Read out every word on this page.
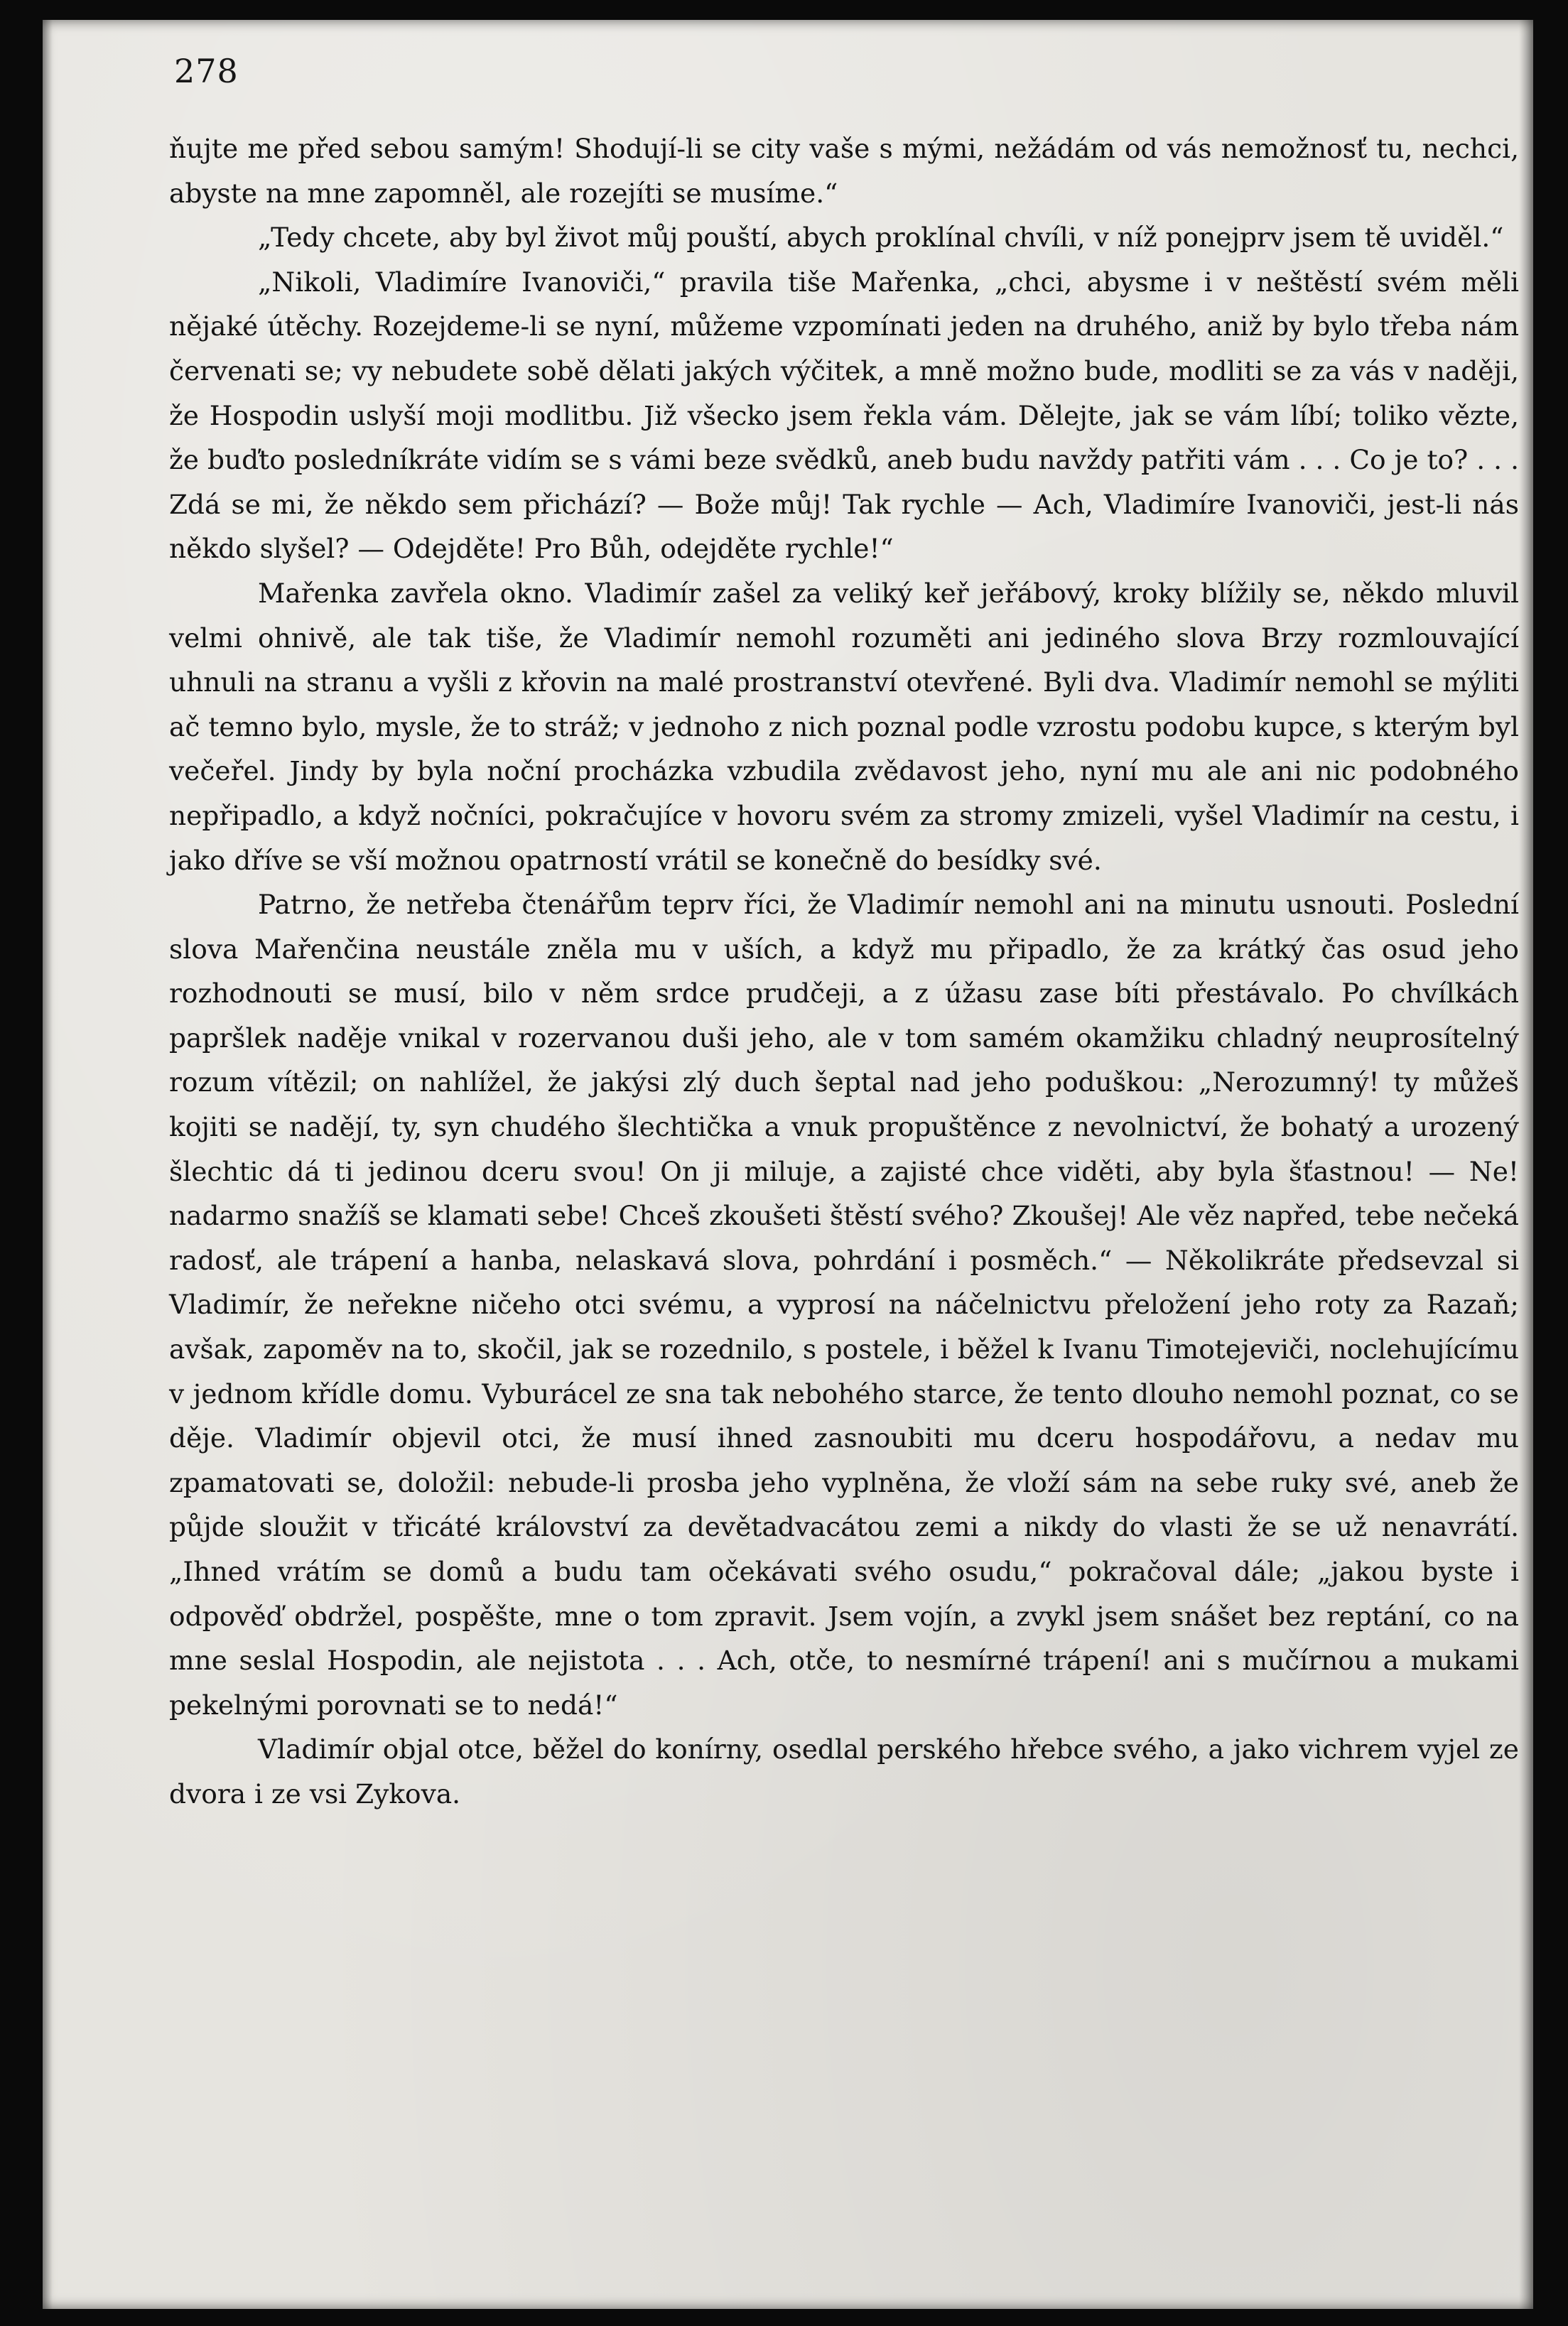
278

ňujte me před sebou samým! Shodují-li se city vaše s mými, nežádám od vás nemožnosť tu, nechci, abyste na mne zapomněl, ale rozejíti se musíme.“

„Tedy chcete, aby byl život můj pouští, abych proklínal chvíli, v níž ponejprv jsem tě uviděl.“

„Nikoli, Vladimíre Ivanoviči,“ pravila tiše Mařenka, „chci, abysme i v neštěstí svém měli nějaké útěchy. Rozejdeme-li se nyní, můžeme vzpomínati jeden na druhého, aniž by bylo třeba nám červenati se; vy nebudete sobě dělati jakých výčitek, a mně možno bude, modliti se za vás v naději, že Hospodin uslyší moji modlitbu. Již všecko jsem řekla vám. Dělejte, jak se vám líbí; toliko vězte, že buďto posledníkráte vidím se s vámi beze svědků, aneb budu navždy patřiti vám . . . Co je to? . . . Zdá se mi, že někdo sem přichází? — Bože můj! Tak rychle — Ach, Vladimíre Ivanoviči, jest-li nás někdo slyšel? — Odejděte! Pro Bůh, odejděte rychle!“

Mařenka zavřela okno. Vladimír zašel za veliký keř jeřábový, kroky blížily se, někdo mluvil velmi ohnivě, ale tak tiše, že Vladimír nemohl rozuměti ani jediného slova Brzy rozmlouvající uhnuli na stranu a vyšli z křovin na malé prostranství otevřené. Byli dva. Vladimír nemohl se mýliti ač temno bylo, mysle, že to stráž; v jednoho z nich poznal podle vzrostu podobu kupce, s kterým byl večeřel. Jindy by byla noční procházka vzbudila zvědavost jeho, nyní mu ale ani nic podobného nepřipadlo, a když nočníci, pokračujíce v hovoru svém za stromy zmizeli, vyšel Vladimír na cestu, i jako dříve se vší možnou opatrností vrátil se konečně do besídky své.

Patrno, že netřeba čtenářům teprv říci, že Vladimír nemohl ani na minutu usnouti. Poslední slova Mařenčina neustále zněla mu v uších, a když mu připadlo, že za krátký čas osud jeho rozhodnouti se musí, bilo v něm srdce prudčeji, a z úžasu zase bíti přestávalo. Po chvílkách papršlek naděje vnikal v rozervanou duši jeho, ale v tom samém okamžiku chladný neuprosítelný rozum vítězil; on nahlížel, že jakýsi zlý duch šeptal nad jeho poduškou: „Nerozumný! ty můžeš kojiti se nadějí, ty, syn chudého šlechtička a vnuk propuštěnce z nevolnictví, že bohatý a urozený šlechtic dá ti jedinou dceru svou! On ji miluje, a zajisté chce viděti, aby byla šťastnou! — Ne! nadarmo snažíš se klamati sebe! Chceš zkoušeti štěstí svého? Zkoušej! Ale věz napřed, tebe nečeká radosť, ale trápení a hanba, nelaskavá slova, pohrdání i posměch.“ — Několikráte předsevzal si Vladimír, že neřekne ničeho otci svému, a vyprosí na náčelnictvu přeložení jeho roty za Razaň; avšak, zapoměv na to, skočil, jak se rozednilo, s postele, i běžel k Ivanu Timotejeviči, noclehujícímu v jednom křídle domu. Vyburácel ze sna tak nebohého starce, že tento dlouho nemohl poznat, co se děje. Vladimír objevil otci, že musí ihned zasnoubiti mu dceru hospodářovu, a nedav mu zpamatovati se, doložil: nebude-li prosba jeho vyplněna, že vloží sám na sebe ruky své, aneb že půjde sloužit v třicáté království za devětadvacátou zemi a nikdy do vlasti že se už nenavrátí. „Ihned vrátím se domů a budu tam očekávati svého osudu,“ pokračoval dále; „jakou byste i odpověď obdržel, pospěšte, mne o tom zpravit. Jsem vojín, a zvykl jsem snášet bez reptání, co na mne seslal Hospodin, ale nejistota . . . Ach, otče, to nesmírné trápení! ani s mučírnou a mukami pekelnými porovnati se to nedá!“

Vladimír objal otce, běžel do konírny, osedlal perského hřebce svého, a jako vichrem vyjel ze dvora i ze vsi Zykova.
